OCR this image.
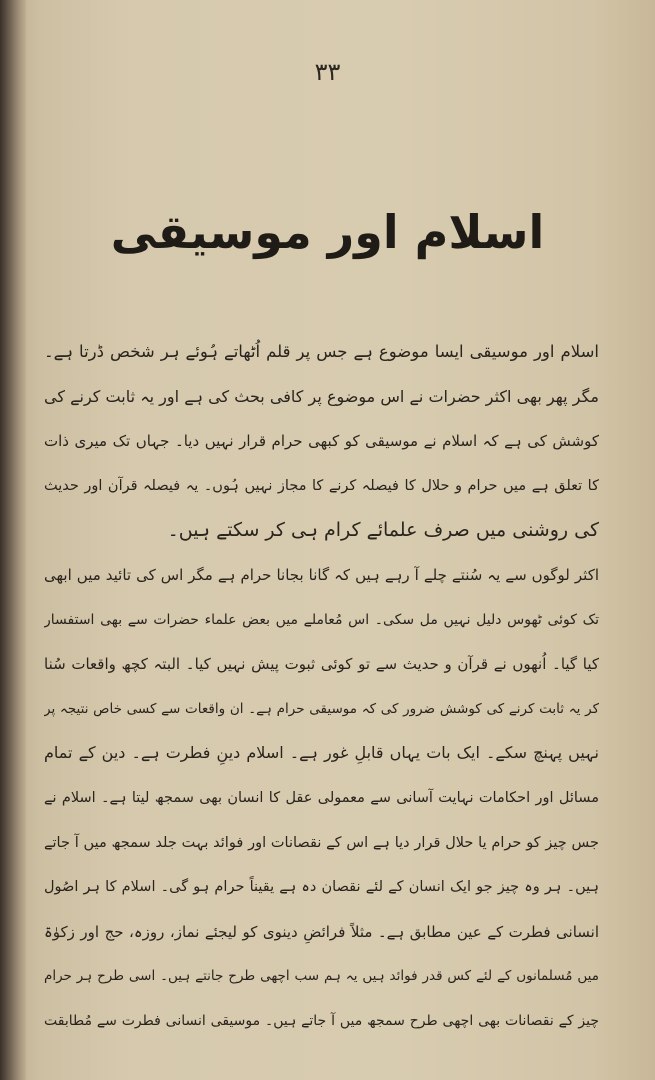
۳۳
اسلام اور موسیقی
اسلام اور موسیقی ایسا موضوع ہے جس پر قلم اُٹھاتے ہُوئے ہر شخص ڈرتا ہے۔
مگر پھر بھی اکثر حضرات نے اس موضوع پر کافی بحث کی ہے اور یہ ثابت کرنے کی
کوشش کی ہے کہ اسلام نے موسیقی کو کبھی حرام قرار نہیں دیا۔ جہاں تک میری ذات
کا تعلق ہے میں حرام و حلال کا فیصلہ کرنے کا مجاز نہیں ہُوں۔ یہ فیصلہ قرآن اور حدیث
کی روشنی میں صرف علمائے کرام ہی کر سکتے ہیں۔
اکثر لوگوں سے یہ سُنتے چلے آ رہے ہیں کہ گانا بجانا حرام ہے مگر اس کی تائید میں ابھی
تک کوئی ٹھوس دلیل نہیں مل سکی۔ اس مُعاملے میں بعض علماء حضرات سے بھی استفسار
کیا گیا۔ اُنھوں نے قرآن و حدیث سے تو کوئی ثبوت پیش نہیں کیا۔ البتہ کچھ واقعات سُنا
کر یہ ثابت کرنے کی کوشش ضرور کی کہ موسیقی حرام ہے۔ ان واقعات سے کسی خاص نتیجہ پر
نہیں پہنچ سکے۔ ایک بات یہاں قابلِ غور ہے۔ اسلام دینِ فطرت ہے۔ دین کے تمام
مسائل اور احکامات نہایت آسانی سے معمولی عقل کا انسان بھی سمجھ لیتا ہے۔ اسلام نے
جس چیز کو حرام یا حلال قرار دیا ہے اس کے نقصانات اور فوائد بہت جلد سمجھ میں آ جاتے
ہیں۔ ہر وہ چیز جو ایک انسان کے لئے نقصان دہ ہے یقیناً حرام ہو گی۔ اسلام کا ہر اصُول
انسانی فطرت کے عین مطابق ہے۔ مثلاً فرائضِ دینوی کو لیجئے نماز، روزہ، حج اور زکوٰۃ
میں مُسلمانوں کے لئے کس قدر فوائد ہیں یہ ہم سب اچھی طرح جانتے ہیں۔ اسی طرح ہر حرام
چیز کے نقصانات بھی اچھی طرح سمجھ میں آ جاتے ہیں۔ موسیقی انسانی فطرت سے مُطابقت
